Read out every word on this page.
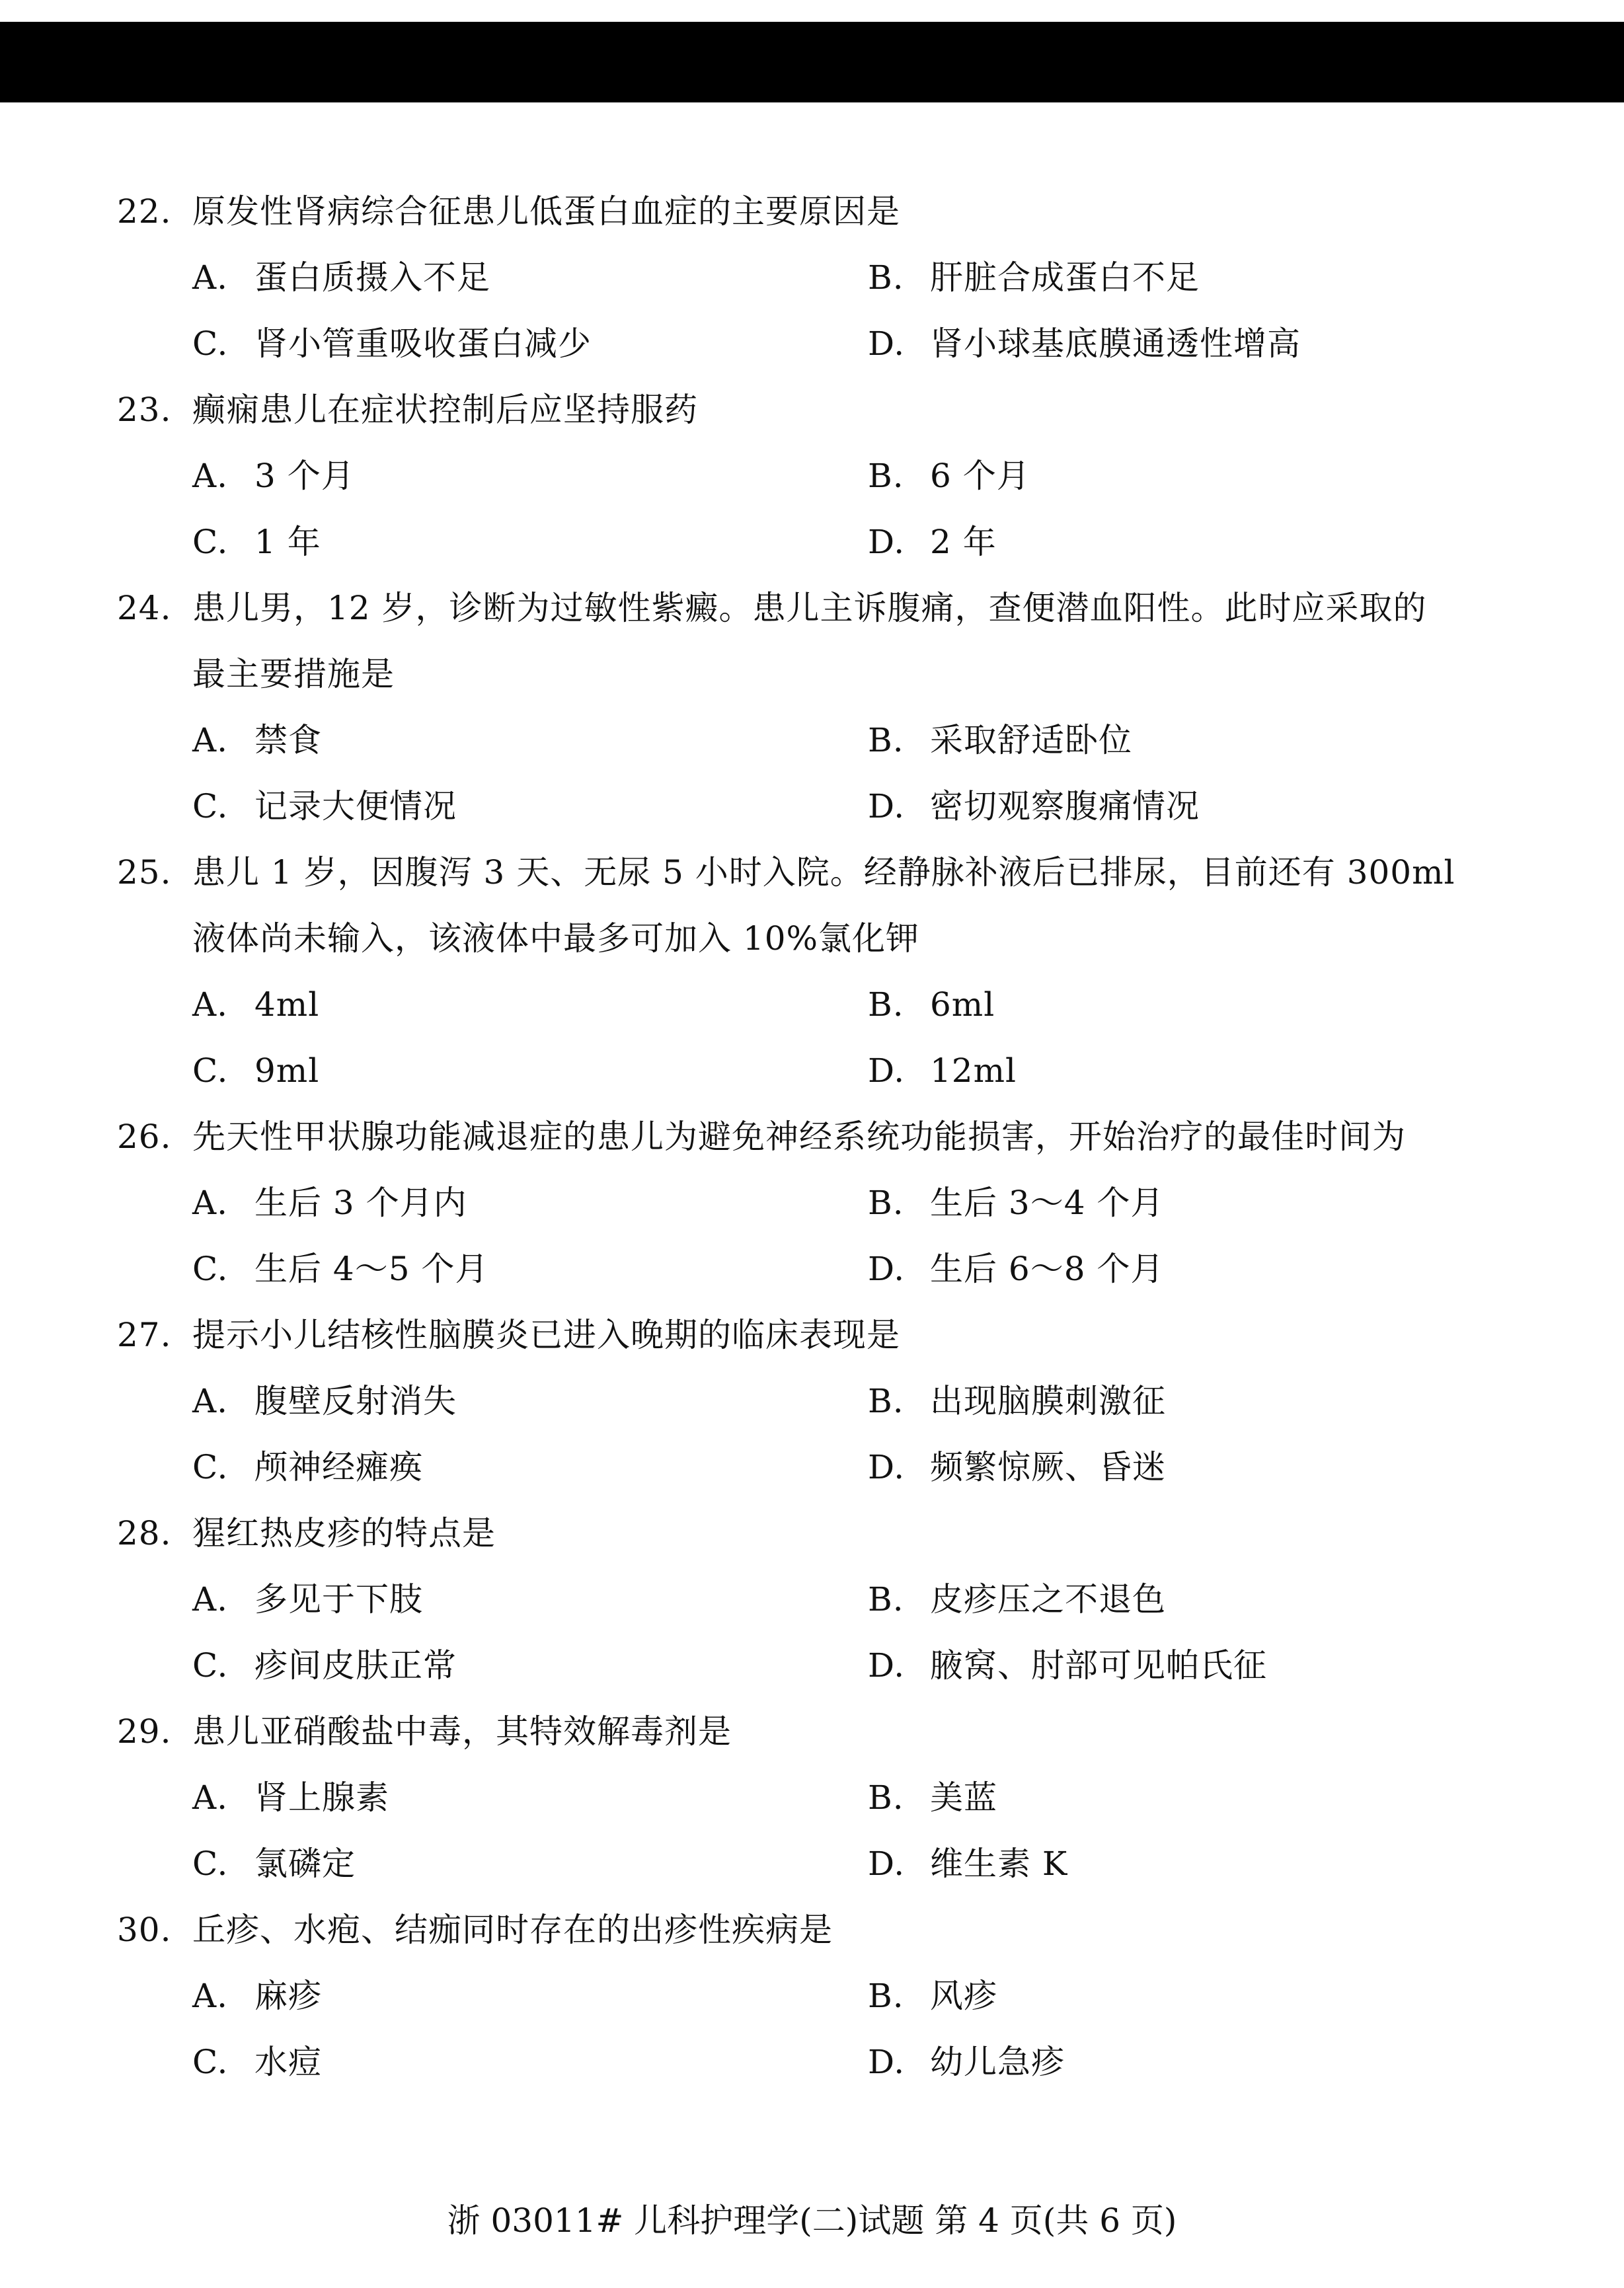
22. 原发性肾病综合征患儿低蛋白血症的主要原因是
A. 蛋白质摄入不足	B. 肝脏合成蛋白不足
C. 肾小管重吸收蛋白减少	D. 肾小球基底膜通透性增高
23. 癫痫患儿在症状控制后应坚持服药
A. 3 个月	B. 6 个月
C. 1 年	D. 2 年
24. 患儿男，12 岁，诊断为过敏性紫癜。患儿主诉腹痛，查便潜血阳性。此时应采取的
最主要措施是
A. 禁食	B. 采取舒适卧位
C. 记录大便情况	D. 密切观察腹痛情况
25. 患儿 1 岁，因腹泻 3 天、无尿 5 小时入院。经静脉补液后已排尿，目前还有 300ml
液体尚未输入，该液体中最多可加入 10%氯化钾
A. 4ml	B. 6ml
C. 9ml	D. 12ml
26. 先天性甲状腺功能减退症的患儿为避免神经系统功能损害，开始治疗的最佳时间为
A. 生后 3 个月内	B. 生后 3～4 个月
C. 生后 4～5 个月	D. 生后 6～8 个月
27. 提示小儿结核性脑膜炎已进入晚期的临床表现是
A. 腹壁反射消失	B. 出现脑膜刺激征
C. 颅神经瘫痪	D. 频繁惊厥、昏迷
28. 猩红热皮疹的特点是
A. 多见于下肢	B. 皮疹压之不退色
C. 疹间皮肤正常	D. 腋窝、肘部可见帕氏征
29. 患儿亚硝酸盐中毒，其特效解毒剂是
A. 肾上腺素	B. 美蓝
C. 氯磷定	D. 维生素 K
30. 丘疹、水疱、结痂同时存在的出疹性疾病是
A. 麻疹	B. 风疹
C. 水痘	D. 幼儿急疹
浙 03011# 儿科护理学(二)试题 第 4 页(共 6 页)
